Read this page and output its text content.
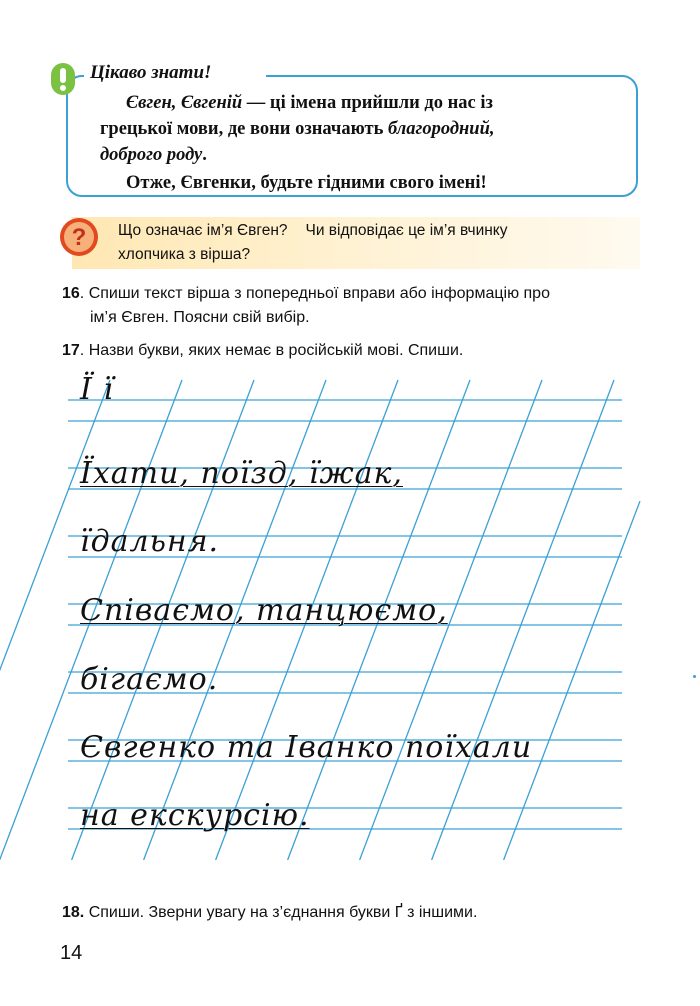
Цікаво знати!

Євген, Євгеній — ці імена прийшли до нас із

грецької мови, де вони означають благородний,

доброго роду.

Отже, Євгенки, будьте гідними свого імені!

? Що означає ім’я Євген? Чи відповідає це ім’я вчинку
хлопчика з вірша?
16. Спиши текст вірша з попередньої вправи або інформацію про
ім’я Євген. Поясни свій вибір.
17. Назви букви, яких немає в російській мові. Спиши.
Ї ї
Їхати, поїзд, їжак,
їдальня.
Співаємо, танцюємо,
бігаємо.
Євгенко та Іванко поїхали
на екскурсію.
18. Спиши. Зверни увагу на з’єднання букви Ґ з іншими.
14
